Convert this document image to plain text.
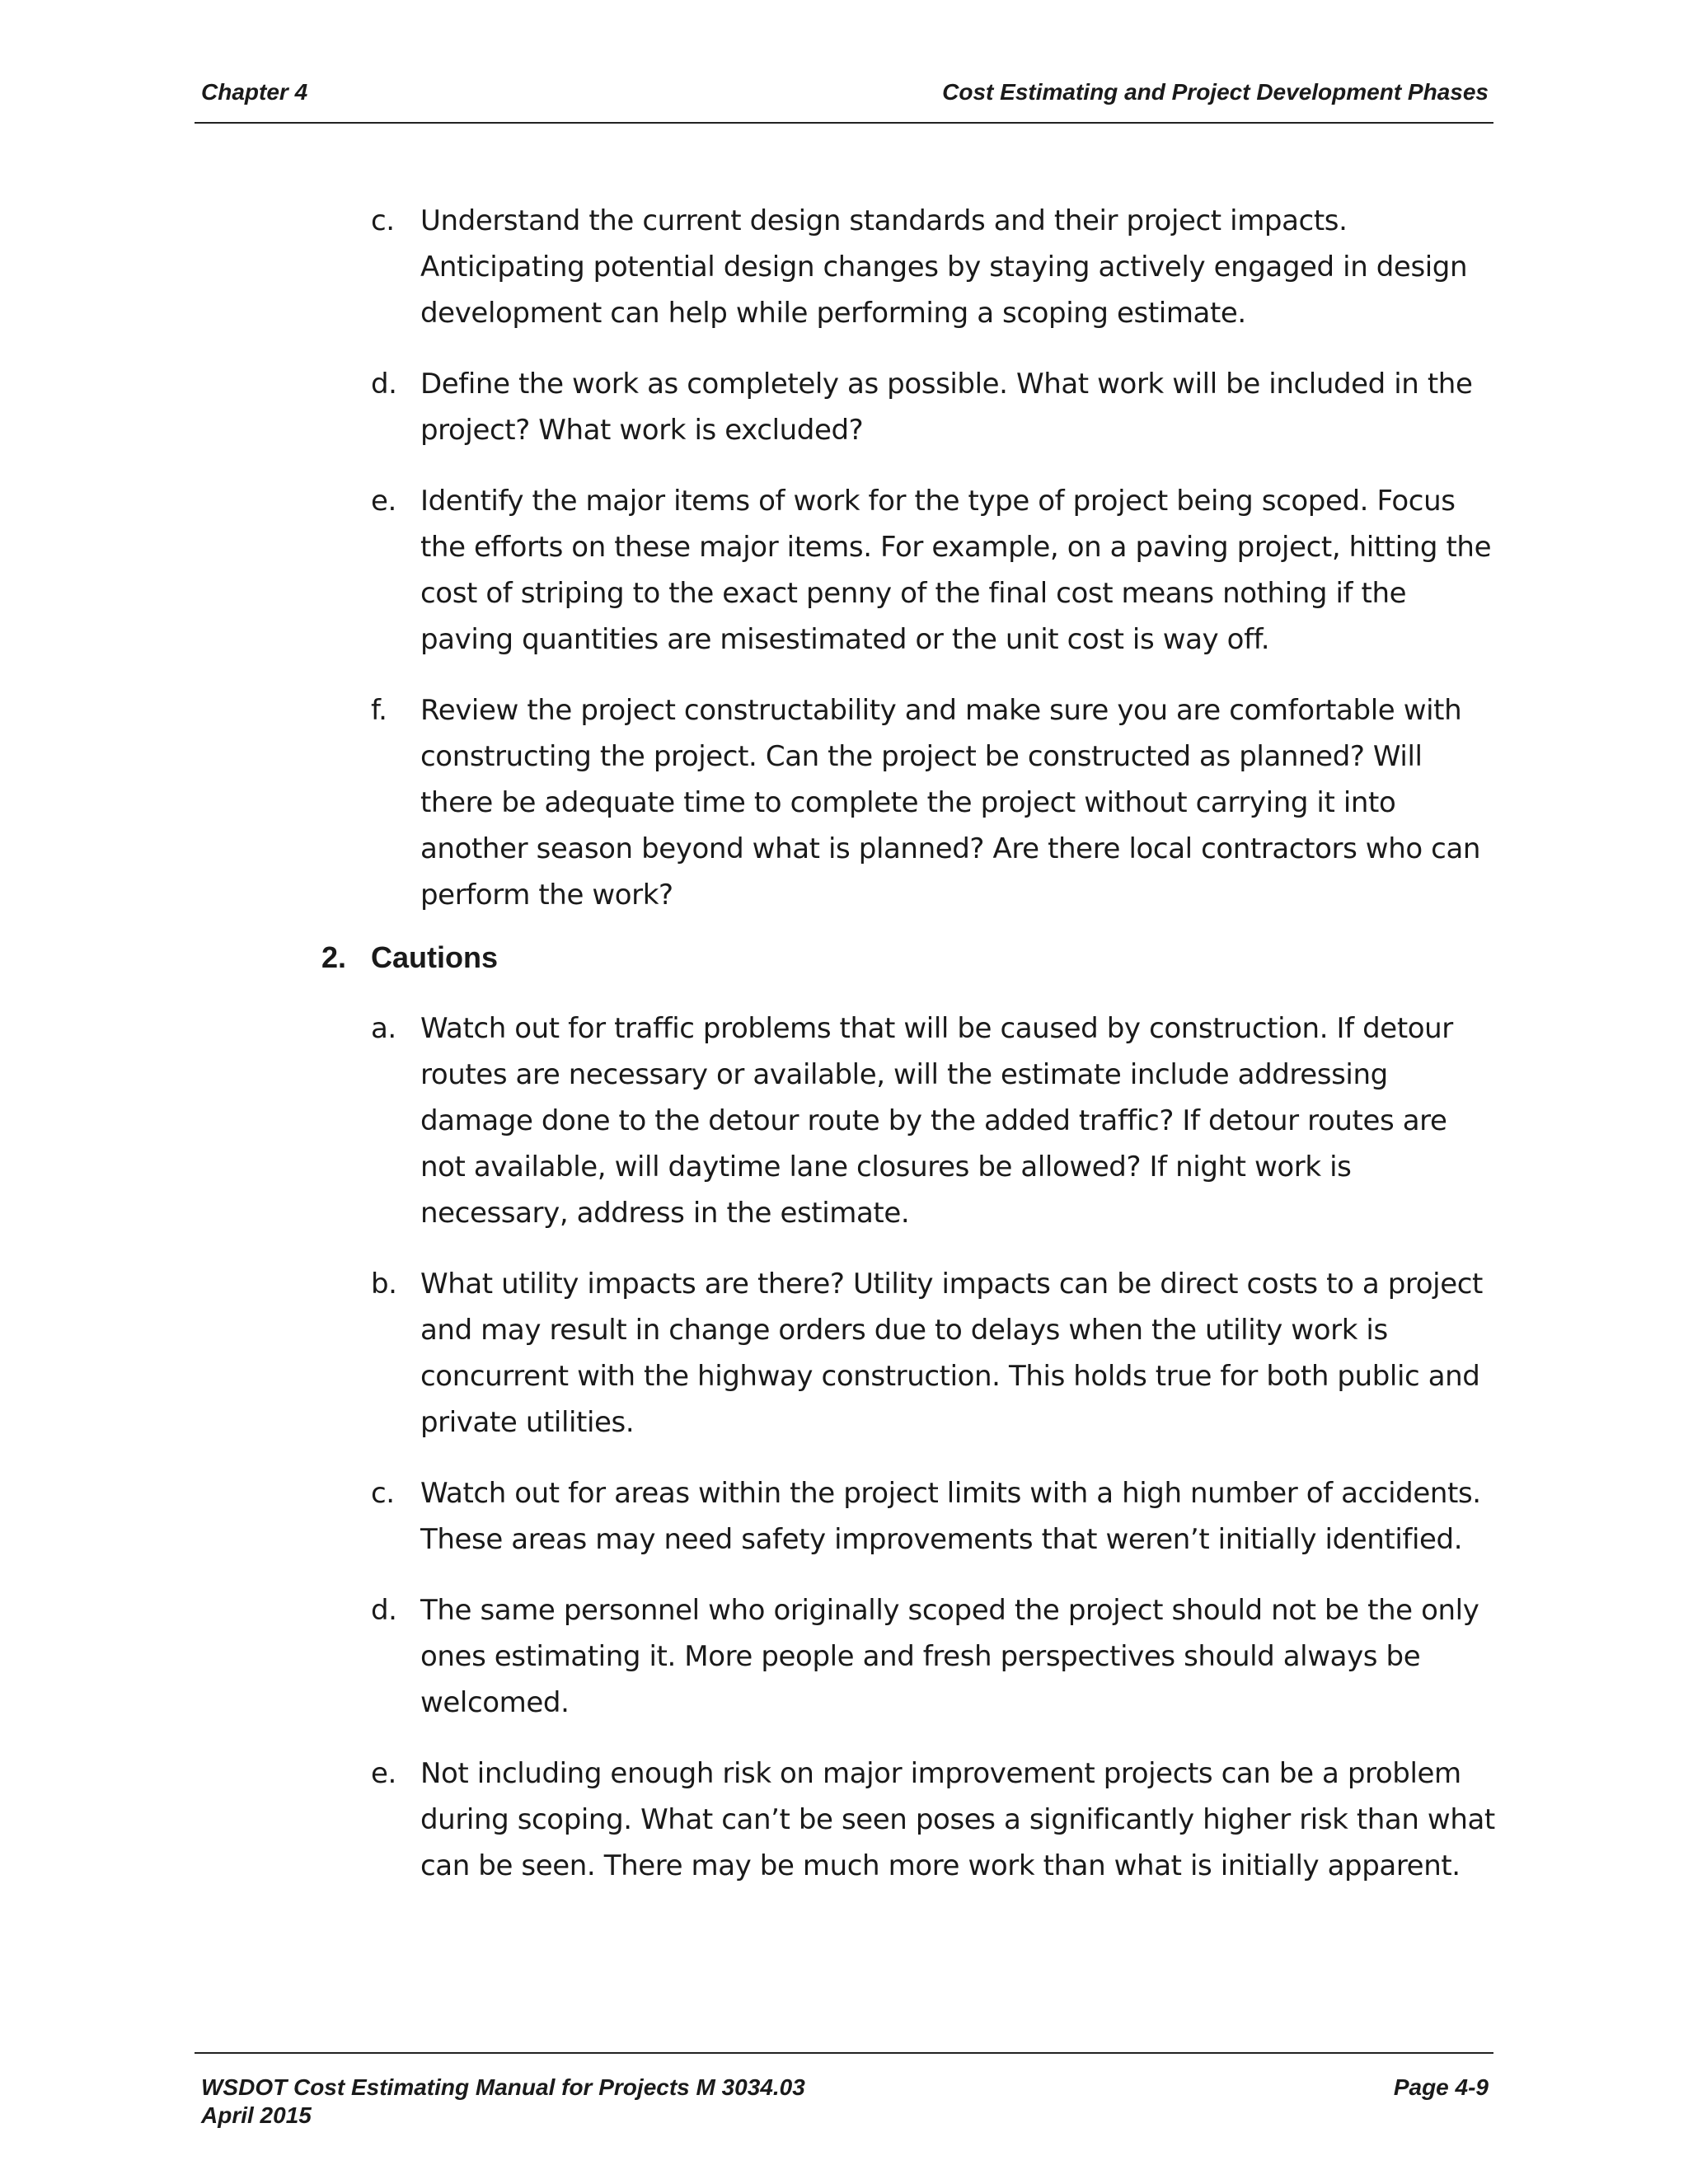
Chapter 4	Cost Estimating and Project Development Phases
c. Understand the current design standards and their project impacts. Anticipating potential design changes by staying actively engaged in design development can help while performing a scoping estimate.
d. Define the work as completely as possible. What work will be included in the project? What work is excluded?
e. Identify the major items of work for the type of project being scoped. Focus the efforts on these major items. For example, on a paving project, hitting the cost of striping to the exact penny of the final cost means nothing if the paving quantities are misestimated or the unit cost is way off.
f. Review the project constructability and make sure you are comfortable with constructing the project. Can the project be constructed as planned? Will there be adequate time to complete the project without carrying it into another season beyond what is planned? Are there local contractors who can perform the work?
2. Cautions
a. Watch out for traffic problems that will be caused by construction. If detour routes are necessary or available, will the estimate include addressing damage done to the detour route by the added traffic? If detour routes are not available, will daytime lane closures be allowed? If night work is necessary, address in the estimate.
b. What utility impacts are there? Utility impacts can be direct costs to a project and may result in change orders due to delays when the utility work is concurrent with the highway construction. This holds true for both public and private utilities.
c. Watch out for areas within the project limits with a high number of accidents. These areas may need safety improvements that weren’t initially identified.
d. The same personnel who originally scoped the project should not be the only ones estimating it. More people and fresh perspectives should always be welcomed.
e. Not including enough risk on major improvement projects can be a problem during scoping. What can’t be seen poses a significantly higher risk than what can be seen. There may be much more work than what is initially apparent.
WSDOT Cost Estimating Manual for Projects M 3034.03
April 2015
Page 4-9
